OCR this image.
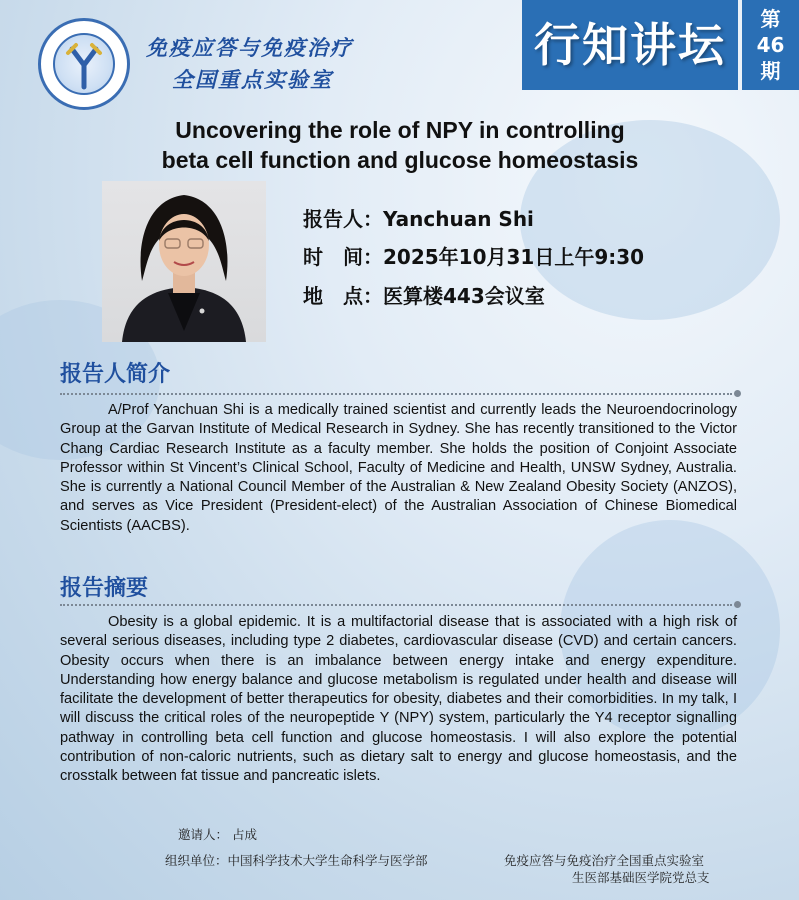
免疫应答与免疫治疗
全国重点实验室
行知讲坛	第
46
期
Uncovering the role of NPY in controlling
beta cell function and glucose homeostasis
报告人：Yanchuan Shi
时　间：2025年10月31日上午9:30
地　点：医算楼443会议室
报告人简介

A/Prof Yanchuan Shi is a medically trained scientist and currently leads the Neuroendocrinology Group at the Garvan Institute of Medical Research in Sydney. She has recently transitioned to the Victor Chang Cardiac Research Institute as a faculty member. She holds the position of Conjoint Associate Professor within St Vincent’s Clinical School, Faculty of Medicine and Health, UNSW Sydney, Australia. She is currently a National Council Member of the Australian & New Zealand Obesity Society (ANZOS), and serves as Vice President (President-elect) of the Australian Association of Chinese Biomedical Scientists (AACBS).

报告摘要

Obesity is a global epidemic. It is a multifactorial disease that is associated with a high risk of several serious diseases, including type 2 diabetes, cardiovascular disease (CVD) and certain cancers. Obesity occurs when there is an imbalance between energy intake and energy expenditure. Understanding how energy balance and glucose metabolism is regulated under health and disease will facilitate the development of better therapeutics for obesity, diabetes and their comorbidities. In my talk, I will discuss the critical roles of the neuropeptide Y (NPY) system, particularly the Y4 receptor signalling pathway in controlling beta cell function and glucose homeostasis. I will also explore the potential contribution of non-caloric nutrients, such as dietary salt to energy and glucose homeostasis, and the crosstalk between fat tissue and pancreatic islets.

邀请人： 占成
组织单位：中国科学技术大学生命科学与医学部	免疫应答与免疫治疗全国重点实验室
生医部基础医学院党总支
